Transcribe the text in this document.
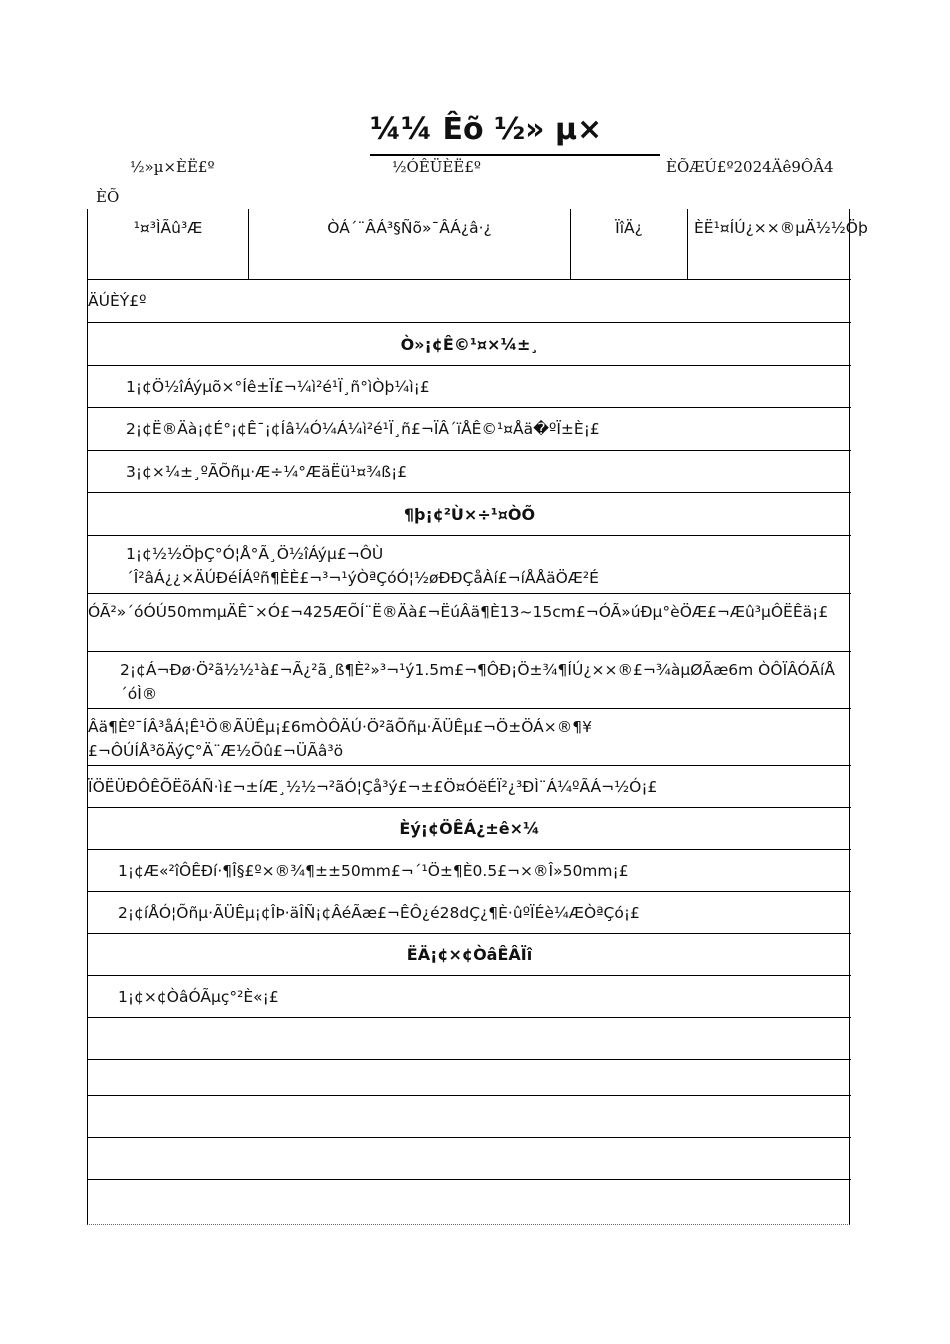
¼¼ Êõ ½» µ×
½»µ×ÈË£º	½ÓÊÜÈË£º	ÈÕÆÚ£º2024Äê9ÔÂ4
ÈÕ
¹¤³ÌÃû³Æ	ÒÁ´¨ÂÁ³§Ñõ»¯ÂÁ¿â·¿	ÏîÄ¿	ÈË¹¤ÍÚ¿××®µÄ½½Öþ
ÄÚÈÝ£º
Ò»¡¢Ê©¹¤×¼±¸
1¡¢Ö½îÁýµõ×°Íê±Ï£¬¼ì²é¹Ï¸ñ°ìÒþ¼ì¡£
2¡¢Ë®Äà¡¢É°¡¢Ê¯¡¢Íâ¼Ó¼Á¼ì²é¹Ï¸ñ£¬ÏÂ´ïÅÊ©¹¤Åä�ºÏ±È¡£
3¡¢×¼±¸ºÃÕñµ·Æ÷¼°ÆäËü¹¤¾ß¡£
¶þ¡¢²Ù×÷¹¤ÒÕ
1¡¢½½ÖþÇ°Ó¦Å°Ã¸Ö½îÁýµ£¬ÔÙ´Î²âÁ¿¿×ÄÚÐéÍÁºñ¶ÈÈ£¬³¬¹ýÒªÇóÓ¦½øÐÐÇåÀí£¬íÅÅäÖÆ²É
ÓÃ²»´óÓÚ50mmµÄÊ¯×Ó£¬425ÆÕÍ¨Ë®Äà£¬ËúÂä¶È13~15cm£¬ÓÃ»úÐµ°èÖÆ£¬Æû³µÔËÊä¡£
2¡¢Á¬Ðø·Ö²ã½½¹à£¬Ã¿²ã¸ß¶È²»³¬¹ý1.5m£¬¶ÔÐ¡Ö±¾¶ÍÚ¿××®£¬¾àµØÃæ6m ÒÔÏÂÓÃíÅ´óÌ®
Âä¶Èº¯ÍÂ³åÁ¦Ê¹Ö®ÃÜÊµ¡£6mÒÔÄÚ·Ö²ãÕñµ·ÃÜÊµ£¬Ö±ÖÁ×®¶¥£¬ÔÚÍÅ³õÄýÇ°Ä¨Æ½Õû£¬ÜÃâ³ö
ÏÖËÜÐÔÊÕËõÁÑ·ì£¬±íÆ¸½½¬²ãÓ¦Çå³ý£¬±£Ö¤ÓëÉÏ²¿³ÐÌ¨Á¼ºÃÁ¬½Ó¡£
Èý¡¢ÖÊÁ¿±ê×¼
1¡¢Æ«²îÔÊÐí·¶Î§£º×®¾¶±±50mm£¬´¹Ö±¶È0.5£¬×®Î»50mm¡£
2¡¢íÅÓ¦Õñµ·ÃÜÊµ¡¢ÎÞ·äÎÑ¡¢ÂéÃæ£¬ÊÔ¿é28dÇ¿¶È·ûºÏÉè¼ÆÒªÇó¡£
ËÄ¡¢×¢ÒâÊÂÏî
1¡¢×¢ÒâÓÃµç°²È«¡£
